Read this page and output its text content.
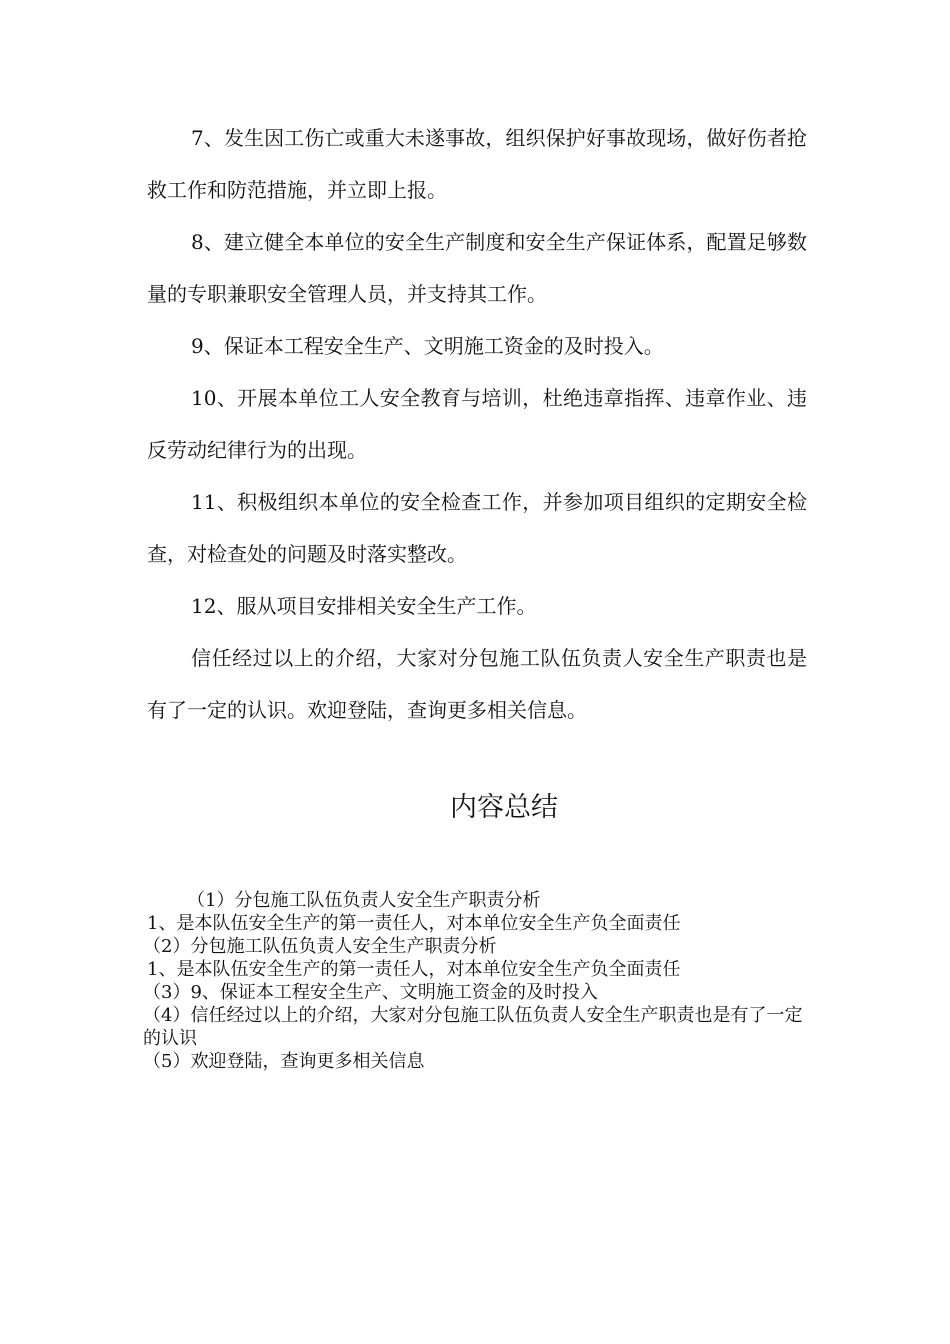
7、发生因工伤亡或重大未遂事故，组织保护好事故现场，做好伤者抢救工作和防范措施，并立即上报。

8、建立健全本单位的安全生产制度和安全生产保证体系，配置足够数量的专职兼职安全管理人员，并支持其工作。

9、保证本工程安全生产、文明施工资金的及时投入。

10、开展本单位工人安全教育与培训，杜绝违章指挥、违章作业、违反劳动纪律行为的出现。

11、积极组织本单位的安全检查工作，并参加项目组织的定期安全检查，对检查处的问题及时落实整改。

12、服从项目安排相关安全生产工作。

信任经过以上的介绍，大家对分包施工队伍负责人安全生产职责也是有了一定的认识。欢迎登陆，查询更多相关信息。

内容总结

（1）分包施工队伍负责人安全生产职责分析

1、是本队伍安全生产的第一责任人，对本单位安全生产负全面责任

（2）分包施工队伍负责人安全生产职责分析

1、是本队伍安全生产的第一责任人，对本单位安全生产负全面责任

（3）9、保证本工程安全生产、文明施工资金的及时投入

（4）信任经过以上的介绍，大家对分包施工队伍负责人安全生产职责也是有了一定的认识

（5）欢迎登陆，查询更多相关信息
